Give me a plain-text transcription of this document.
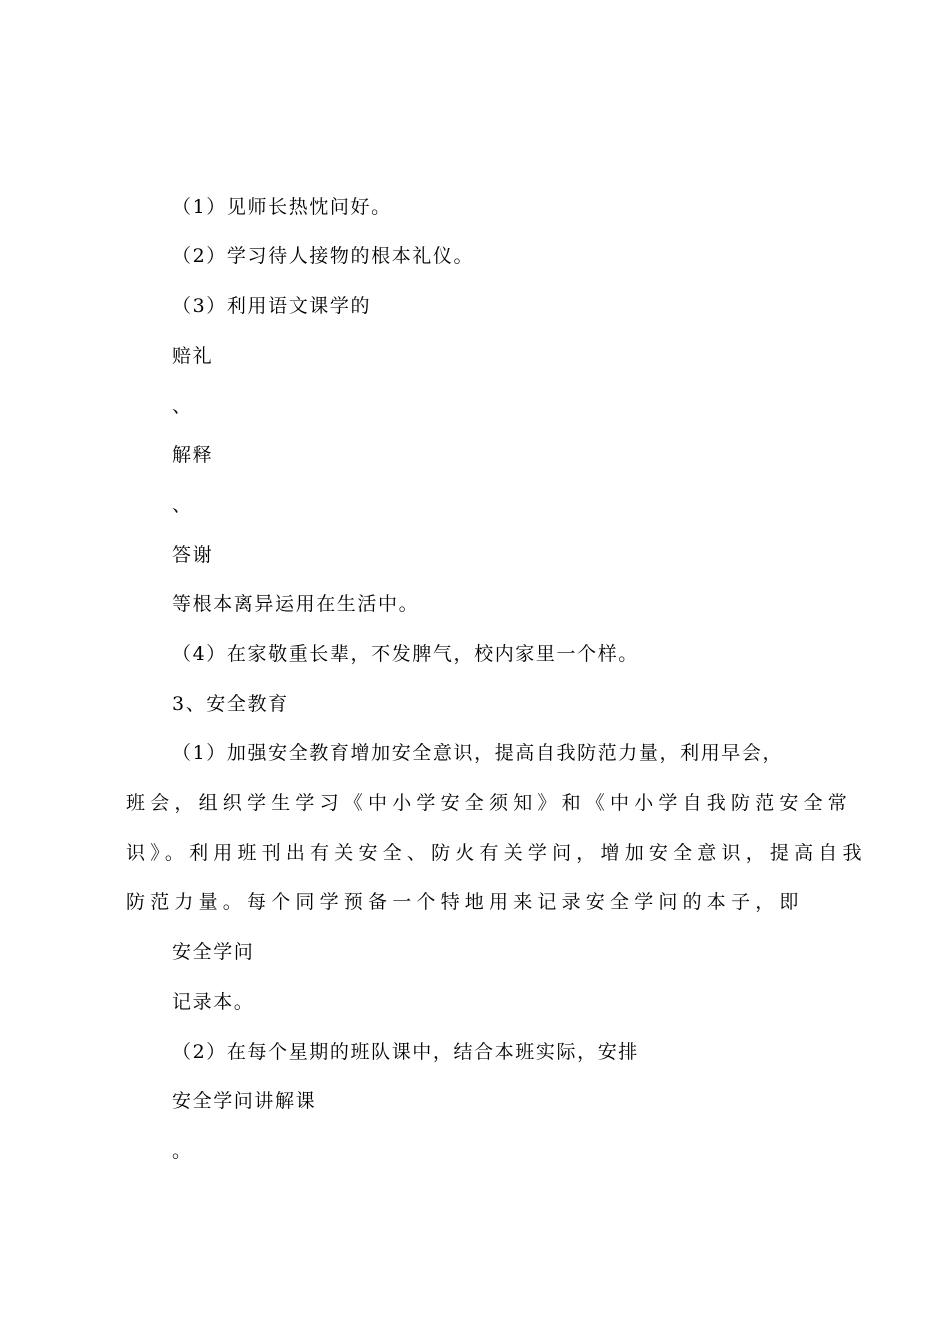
（1）见师长热忱问好。
（2）学习待人接物的根本礼仪。
（3）利用语文课学的
赔礼
、
解释
、
答谢
等根本离异运用在生活中。
（4）在家敬重长辈，不发脾气，校内家里一个样。
3、安全教育
（1）加强安全教育增加安全意识，提高自我防范力量，利用早会，
班会，组织学生学习《中小学安全须知》和《中小学自我防范安全常
识》。利用班刊出有关安全、防火有关学问，增加安全意识，提高自我
防范力量。每个同学预备一个特地用来记录安全学问的本子，即
安全学问
记录本。
（2）在每个星期的班队课中，结合本班实际，安排
安全学问讲解课
。
